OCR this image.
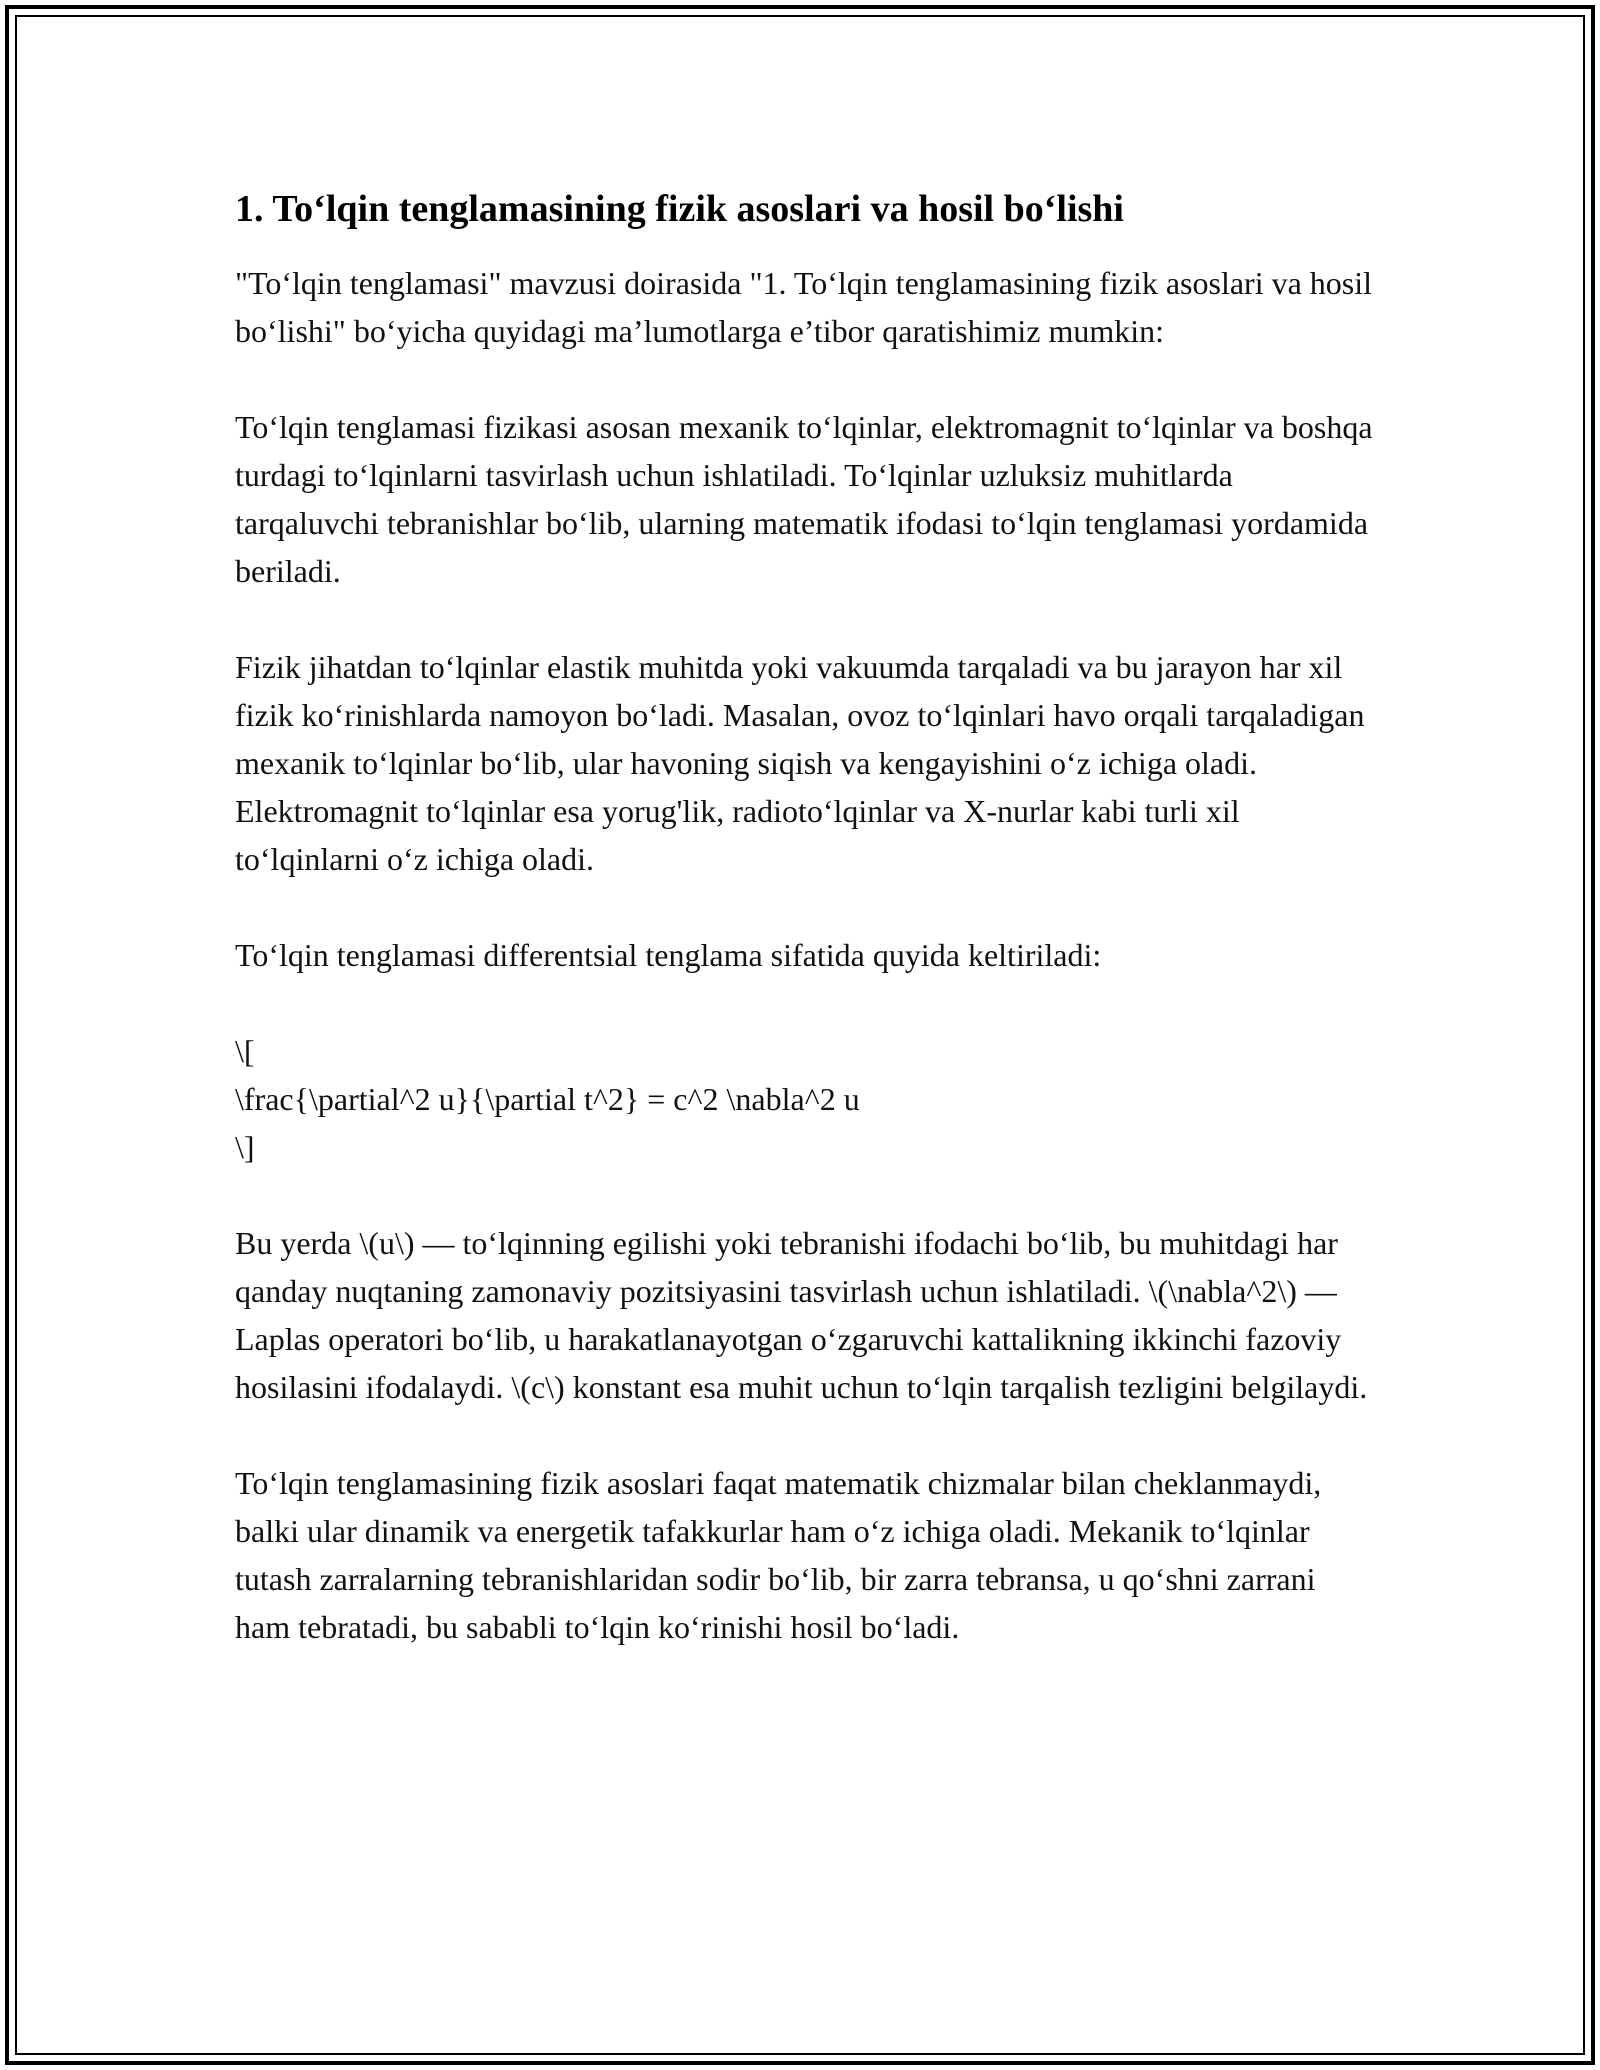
1. To‘lqin tenglamasining fizik asoslari va hosil bo‘lishi

"To‘lqin tenglamasi" mavzusi doirasida "1. To‘lqin tenglamasining fizik asoslari va hosil bo‘lishi" bo‘yicha quyidagi ma’lumotlarga e’tibor qaratishimiz mumkin:

To‘lqin tenglamasi fizikasi asosan mexanik to‘lqinlar, elektromagnit to‘lqinlar va boshqa turdagi to‘lqinlarni tasvirlash uchun ishlatiladi. To‘lqinlar uzluksiz muhitlarda tarqaluvchi tebranishlar bo‘lib, ularning matematik ifodasi to‘lqin tenglamasi yordamida beriladi.

Fizik jihatdan to‘lqinlar elastik muhitda yoki vakuumda tarqaladi va bu jarayon har xil fizik ko‘rinishlarda namoyon bo‘ladi. Masalan, ovoz to‘lqinlari havo orqali tarqaladigan mexanik to‘lqinlar bo‘lib, ular havoning siqish va kengayishini o‘z ichiga oladi. Elektromagnit to‘lqinlar esa yorug'lik, radioto‘lqinlar va X-nurlar kabi turli xil to‘lqinlarni o‘z ichiga oladi.

To‘lqin tenglamasi differentsial tenglama sifatida quyida keltiriladi:

\[
\frac{\partial^2 u}{\partial t^2} = c^2 \nabla^2 u
\]

Bu yerda \(u\) — to‘lqinning egilishi yoki tebranishi ifodachi bo‘lib, bu muhitdagi har qanday nuqtaning zamonaviy pozitsiyasini tasvirlash uchun ishlatiladi. \(\nabla^2\) — Laplas operatori bo‘lib, u harakatlanayotgan o‘zgaruvchi kattalikning ikkinchi fazoviy hosilasini ifodalaydi. \(c\) konstant esa muhit uchun to‘lqin tarqalish tezligini belgilaydi.

To‘lqin tenglamasining fizik asoslari faqat matematik chizmalar bilan cheklanmaydi, balki ular dinamik va energetik tafakkurlar ham o‘z ichiga oladi. Mekanik to‘lqinlar tutash zarralarning tebranishlaridan sodir bo‘lib, bir zarra tebransa, u qo‘shni zarrani ham tebratadi, bu sababli to‘lqin ko‘rinishi hosil bo‘ladi.
